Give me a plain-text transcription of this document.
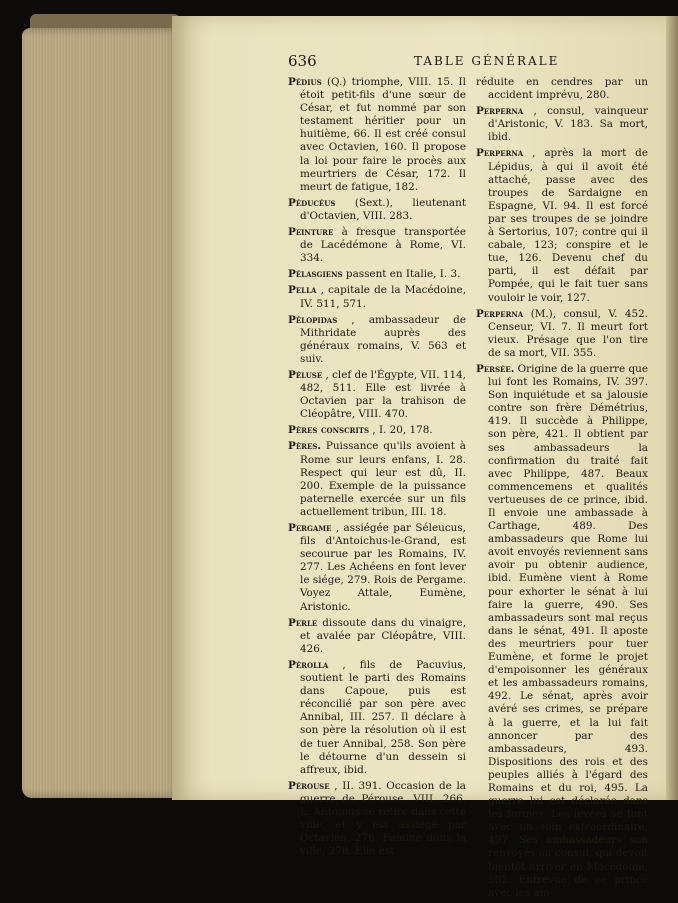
636	TABLE GÉNÉRALE

Pédius (Q.) triomphe, VIII. 15. Il étoit petit-fils d'une sœur de César, et fut nommé par son testament héritier pour un huitième, 66. Il est créé consul avec Octavien, 160. Il propose la loi pour faire le procès aux meurtriers de César, 172. Il meurt de fatigue, 182.

Péducéus (Sext.), lieutenant d'Octavien, VIII. 283.

Peinture à fresque transportée de Lacédémone à Rome, VI. 334.

Pélasgiens passent en Italie, I. 3.

Pella , capitale de la Macédoine, IV. 511, 571.

Pélopidas , ambassadeur de Mithridate auprès des généraux romains, V. 563 et suiv.

Péluse , clef de l'Égypte, VII. 114, 482, 511. Elle est livrée à Octavien par la trahison de Cléopâtre, VIII. 470.

Pères conscrits , I. 20, 178.

Pères. Puissance qu'ils avoient à Rome sur leurs enfans, I. 28. Respect qui leur est dû, II. 200. Exemple de la puissance paternelle exercée sur un fils actuellement tribun, III. 18.

Pergame , assiégée par Séleucus, fils d'Antoichus-le-Grand, est secourue par les Romains, IV. 277. Les Achéens en font lever le siége, 279. Rois de Pergame. Voyez Attale, Eumène, Aristonic.

Perle dissoute dans du vinaigre, et avalée par Cléopâtre, VIII. 426.

Pérolla , fils de Pacuvius, soutient le parti des Romains dans Capoue, puis est réconcilié par son père avec Annibal, III. 257. Il déclare à son père la résolution où il est de tuer Annibal, 258. Son père le détourne d'un dessein si affreux, ibid.

Pérouse , II. 391. Occasion de la guerre de Pérouse, VIII. 266. L. Antonius se retire dans cette ville, et y est assiégé par Octavien, 276. Famine dans la ville, 278. Elle est

réduite en cendres par un accident imprévu, 280.

Perperna , consul, vainqueur d'Aristonic, V. 183. Sa mort, ibid.

Perperna , après la mort de Lépidus, à qui il avoit été attaché, passe avec des troupes de Sardaigne en Espagne, VI. 94. Il est forcé par ses troupes de se joindre à Sertorius, 107; contre qui il cabale, 123; conspire et le tue, 126. Devenu chef du parti, il est défait par Pompée, qui le fait tuer sans vouloir le voir, 127.

Perperna (M.), consul, V. 452. Censeur, VI. 7. Il meurt fort vieux. Présage que l'on tire de sa mort, VII. 355.

Persée. Origine de la guerre que lui font les Romains, IV. 397. Son inquiétude et sa jalousie contre son frère Démétrius, 419. Il succède à Philippe, son père, 421. Il obtient par ses ambassadeurs la confirmation du traité fait avec Philippe, 487. Beaux commencemens et qualités vertueuses de ce prince, ibid. Il envoie une ambassade à Carthage, 489. Des ambassadeurs que Rome lui avoit envoyés reviennent sans avoir pu obtenir audience, ibid. Eumène vient à Rome pour exhorter le sénat à lui faire la guerre, 490. Ses ambassadeurs sont mal reçus dans le sénat, 491. Il aposte des meurtriers pour tuer Eumène, et forme le projet d'empoisonner les généraux et les ambassadeurs romains, 492. Le sénat, après avoir avéré ses crimes, se prépare à la guerre, et la lui fait annoncer par des ambassadeurs, 493. Dispositions des rois et des peuples alliés à l'égard des Romains et du roi, 495. La guerre lui est déclarée dans les formes. Les levées se font avec un soin extraordinaire, 497. Ses ambassadeurs son renvoyés au consul, qui devoit bientôt arriver en Macédoine, 502. Entrevue de ce prince avec les am-
